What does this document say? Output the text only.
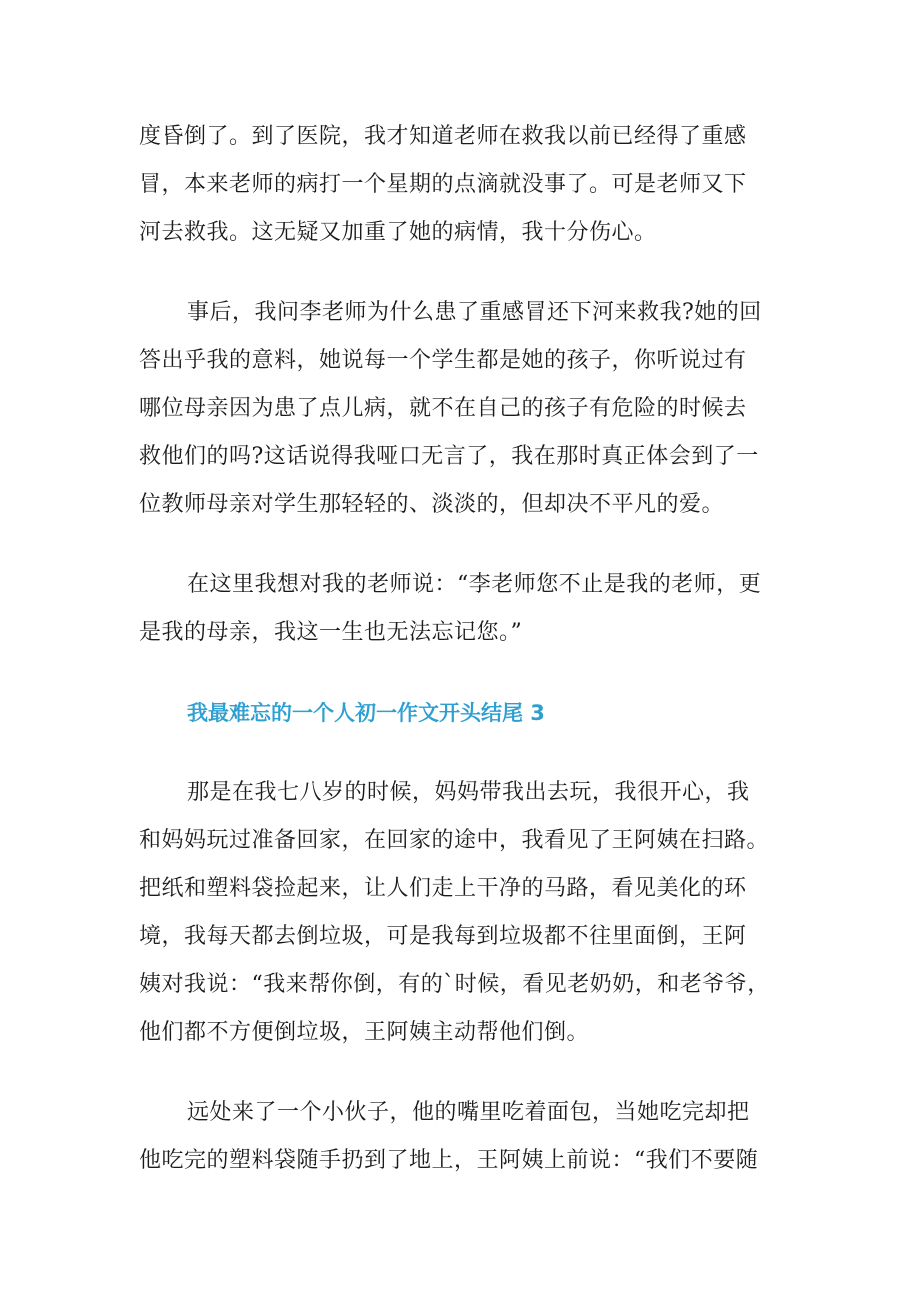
度昏倒了。到了医院，我才知道老师在救我以前已经得了重感
冒，本来老师的病打一个星期的点滴就没事了。可是老师又下
河去救我。这无疑又加重了她的病情，我十分伤心。
事后，我问李老师为什么患了重感冒还下河来救我?她的回
答出乎我的意料，她说每一个学生都是她的孩子，你听说过有
哪位母亲因为患了点儿病，就不在自己的孩子有危险的时候去
救他们的吗?这话说得我哑口无言了，我在那时真正体会到了一
位教师母亲对学生那轻轻的、淡淡的，但却决不平凡的爱。
在这里我想对我的老师说：“李老师您不止是我的老师，更
是我的母亲，我这一生也无法忘记您。”
我最难忘的一个人初一作文开头结尾 3
那是在我七八岁的时候，妈妈带我出去玩，我很开心，我
和妈妈玩过准备回家，在回家的途中，我看见了王阿姨在扫路。
把纸和塑料袋捡起来，让人们走上干净的马路，看见美化的环
境，我每天都去倒垃圾，可是我每到垃圾都不往里面倒，王阿
姨对我说：“我来帮你倒，有的`时候，看见老奶奶，和老爷爷，
他们都不方便倒垃圾，王阿姨主动帮他们倒。
远处来了一个小伙子，他的嘴里吃着面包，当她吃完却把
他吃完的塑料袋随手扔到了地上，王阿姨上前说：“我们不要随
